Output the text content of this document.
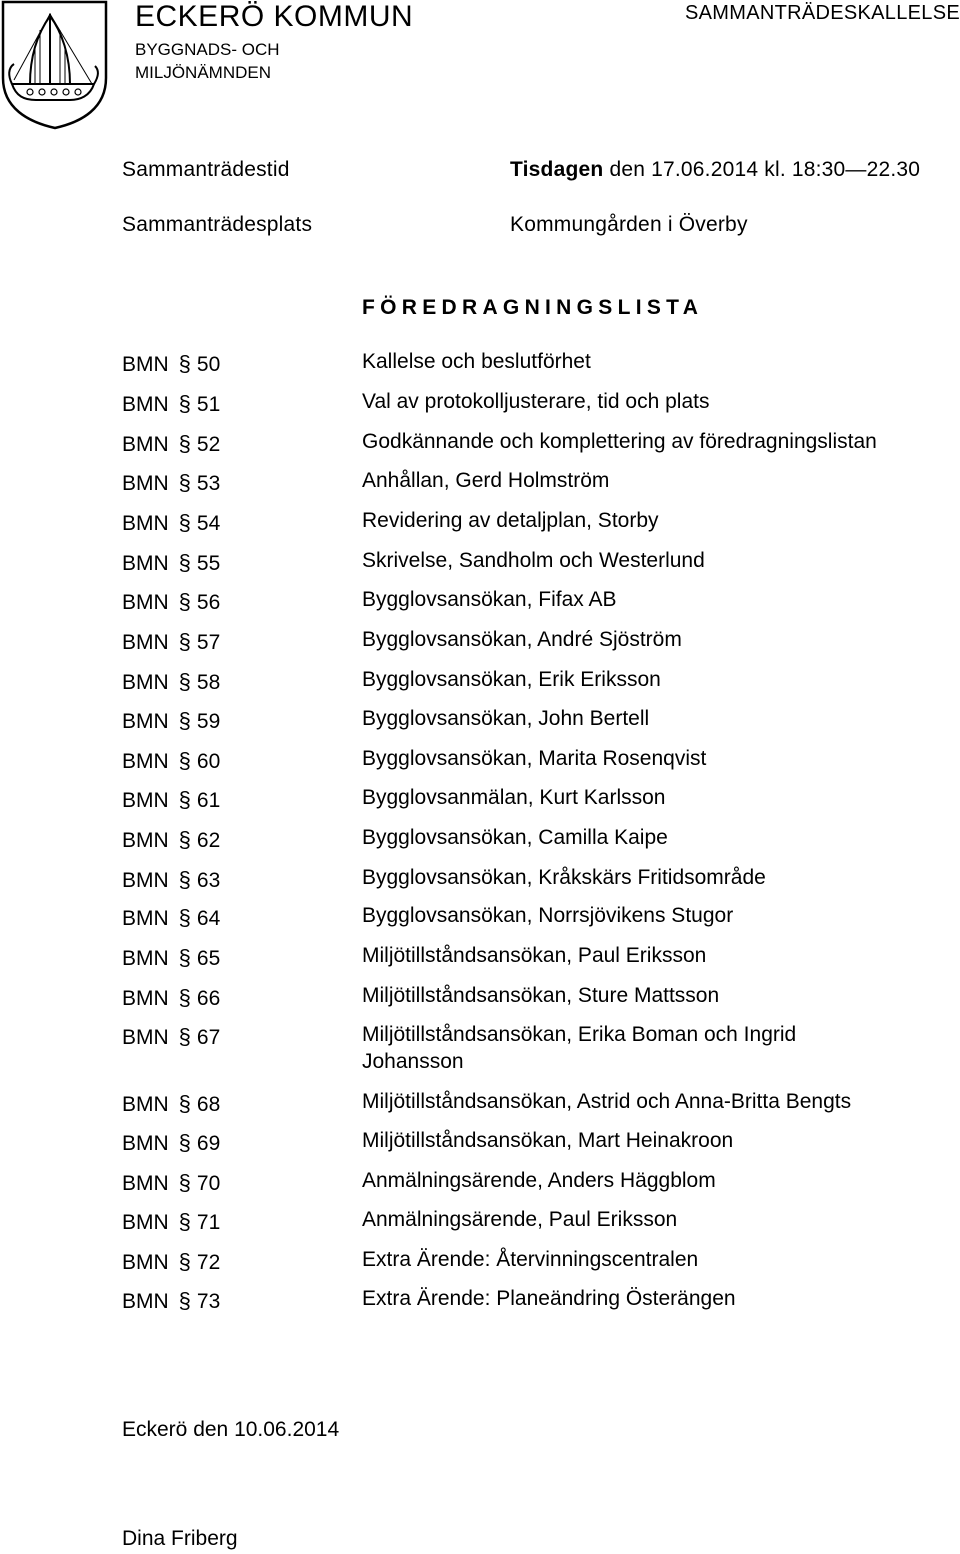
ECKERÖ KOMMUN
BYGGNADS- OCH
MILJÖNÄMNDEN
SAMMANTRÄDESKALLELSE
Sammanträdestid	Tisdagen den 17.06.2014 kl. 18:30—22.30
Sammanträdesplats	Kommungården i Överby
FÖREDRAGNINGSLISTA
BMN § 50	Kallelse och beslutförhet
BMN § 51	Val av protokolljusterare, tid och plats
BMN § 52	Godkännande och komplettering av föredragningslistan
BMN § 53	Anhållan, Gerd Holmström
BMN § 54	Revidering av detaljplan, Storby
BMN § 55	Skrivelse, Sandholm och Westerlund
BMN § 56	Bygglovsansökan, Fifax AB
BMN § 57	Bygglovsansökan, André Sjöström
BMN § 58	Bygglovsansökan, Erik Eriksson
BMN § 59	Bygglovsansökan, John Bertell
BMN § 60	Bygglovsansökan, Marita Rosenqvist
BMN § 61	Bygglovsanmälan, Kurt Karlsson
BMN § 62	Bygglovsansökan, Camilla Kaipe
BMN § 63	Bygglovsansökan, Kråkskärs Fritidsområde
BMN § 64	Bygglovsansökan, Norrsjövikens Stugor
BMN § 65	Miljötillståndsansökan, Paul Eriksson
BMN § 66	Miljötillståndsansökan, Sture Mattsson
BMN § 67	Miljötillståndsansökan, Erika Boman och Ingrid
Johansson
BMN § 68	Miljötillståndsansökan, Astrid och Anna-Britta Bengts
BMN § 69	Miljötillståndsansökan, Mart Heinakroon
BMN § 70	Anmälningsärende, Anders Häggblom
BMN § 71	Anmälningsärende, Paul Eriksson
BMN § 72	Extra Ärende: Återvinningscentralen
BMN § 73	Extra Ärende: Planeändring Österängen
Eckerö den 10.06.2014
Dina Friberg
